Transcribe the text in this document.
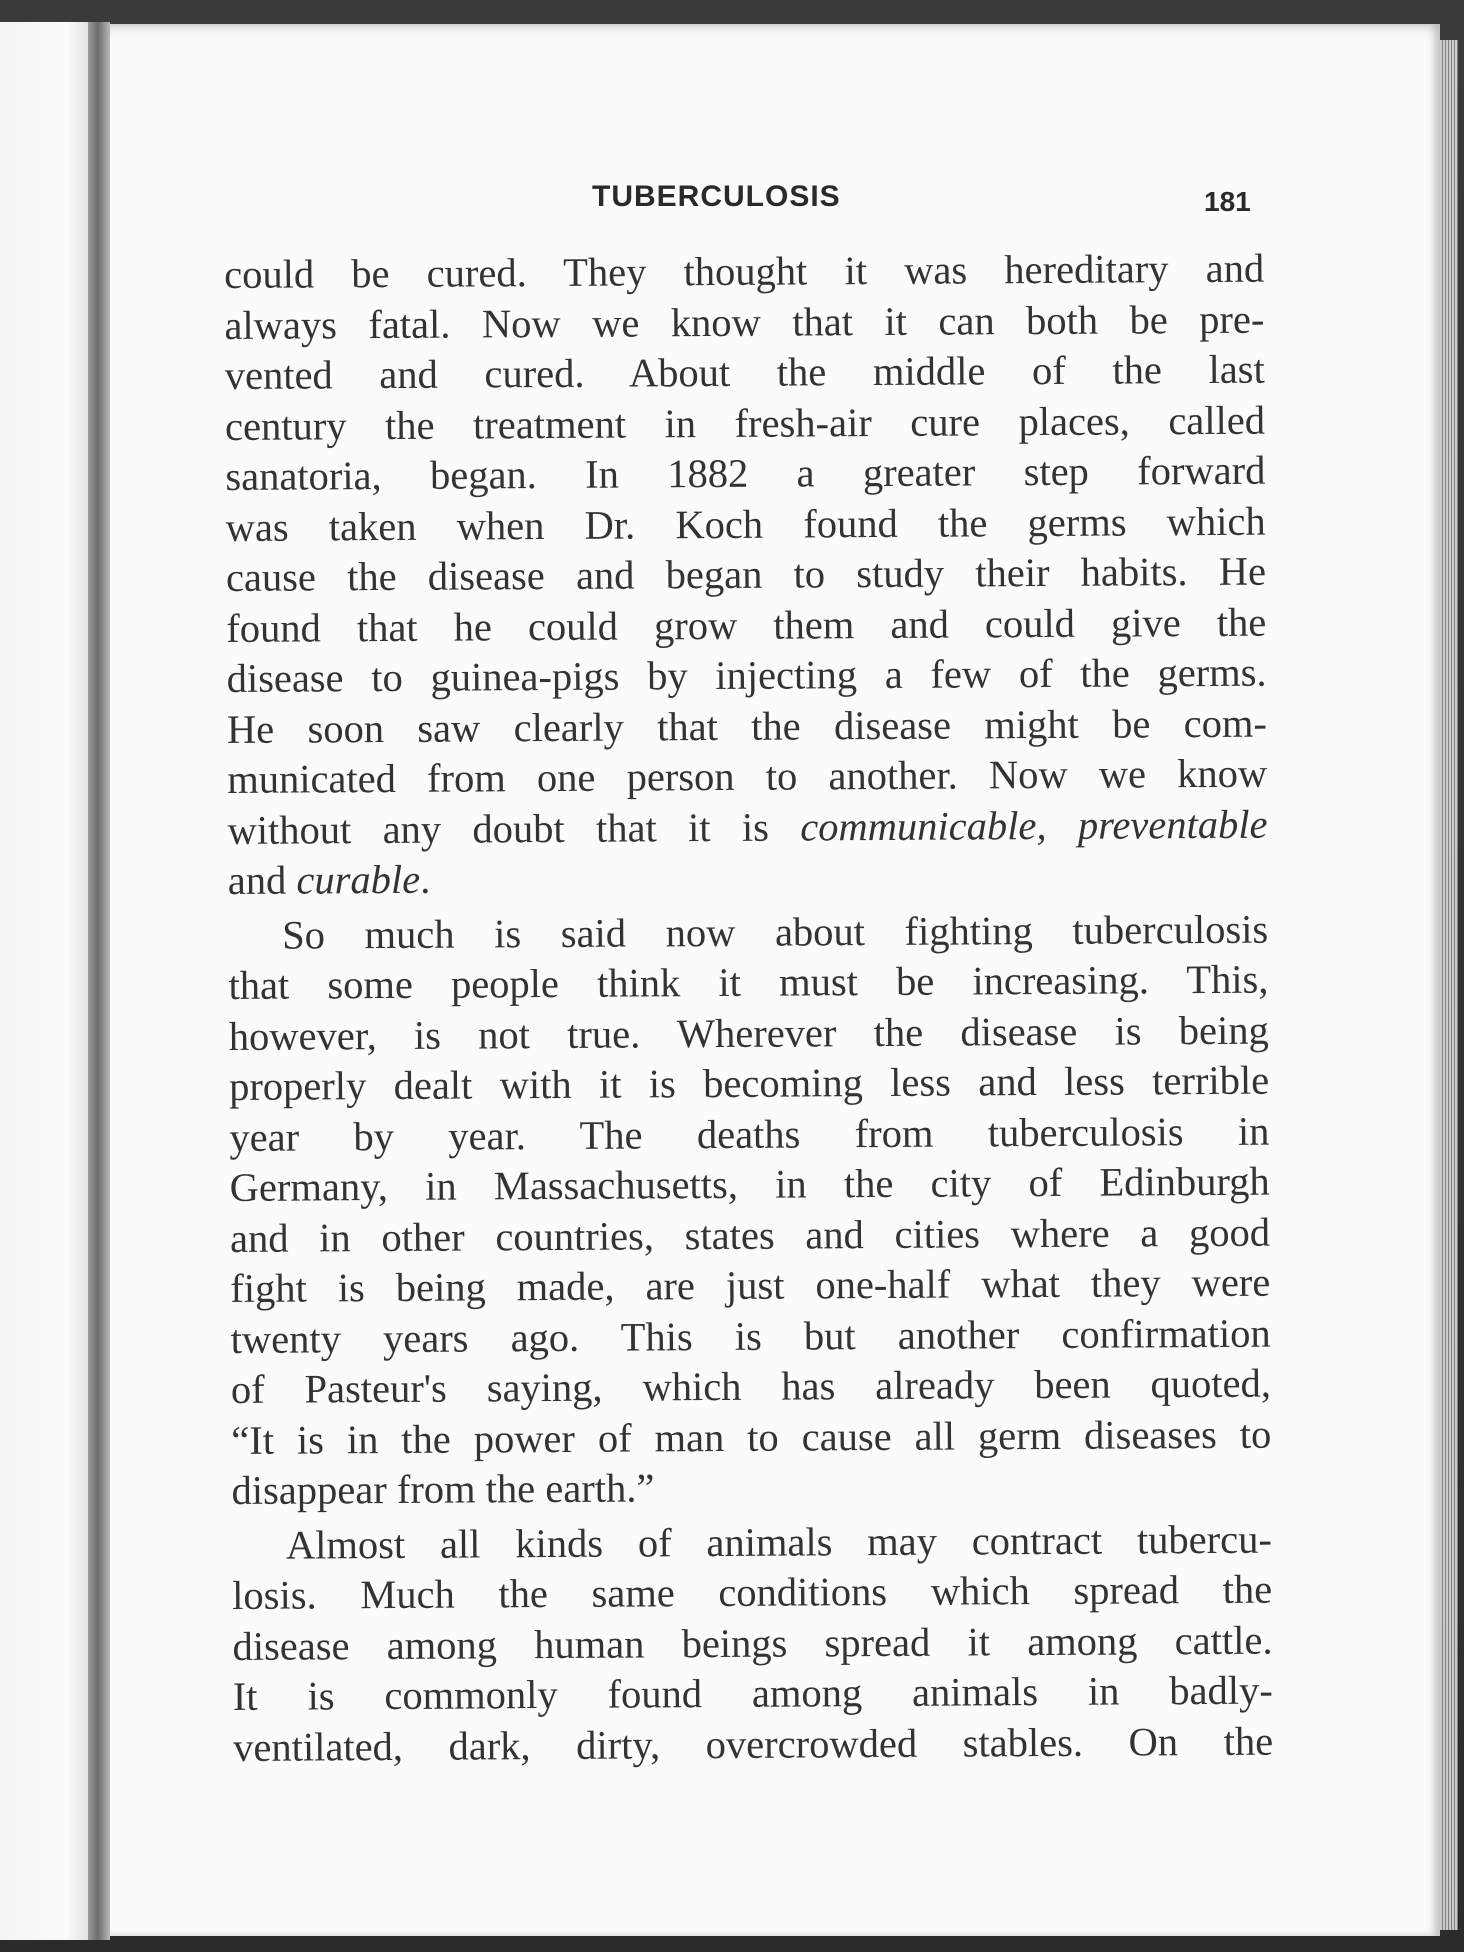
TUBERCULOSIS	181
could be cured. They thought it was hereditary and
always fatal. Now we know that it can both be pre-
vented and cured. About the middle of the last
century the treatment in fresh-air cure places, called
sanatoria, began. In 1882 a greater step forward
was taken when Dr. Koch found the germs which
cause the disease and began to study their habits. He
found that he could grow them and could give the
disease to guinea-pigs by injecting a few of the germs.
He soon saw clearly that the disease might be com-
municated from one person to another. Now we know
without any doubt that it is communicable, preventable
and curable.
So much is said now about fighting tuberculosis
that some people think it must be increasing. This,
however, is not true. Wherever the disease is being
properly dealt with it is becoming less and less terrible
year by year. The deaths from tuberculosis in
Germany, in Massachusetts, in the city of Edinburgh
and in other countries, states and cities where a good
fight is being made, are just one-half what they were
twenty years ago. This is but another confirmation
of Pasteur's saying, which has already been quoted,
“It is in the power of man to cause all germ diseases to
disappear from the earth.”
Almost all kinds of animals may contract tubercu-
losis. Much the same conditions which spread the
disease among human beings spread it among cattle.
It is commonly found among animals in badly-
ventilated, dark, dirty, overcrowded stables. On the
